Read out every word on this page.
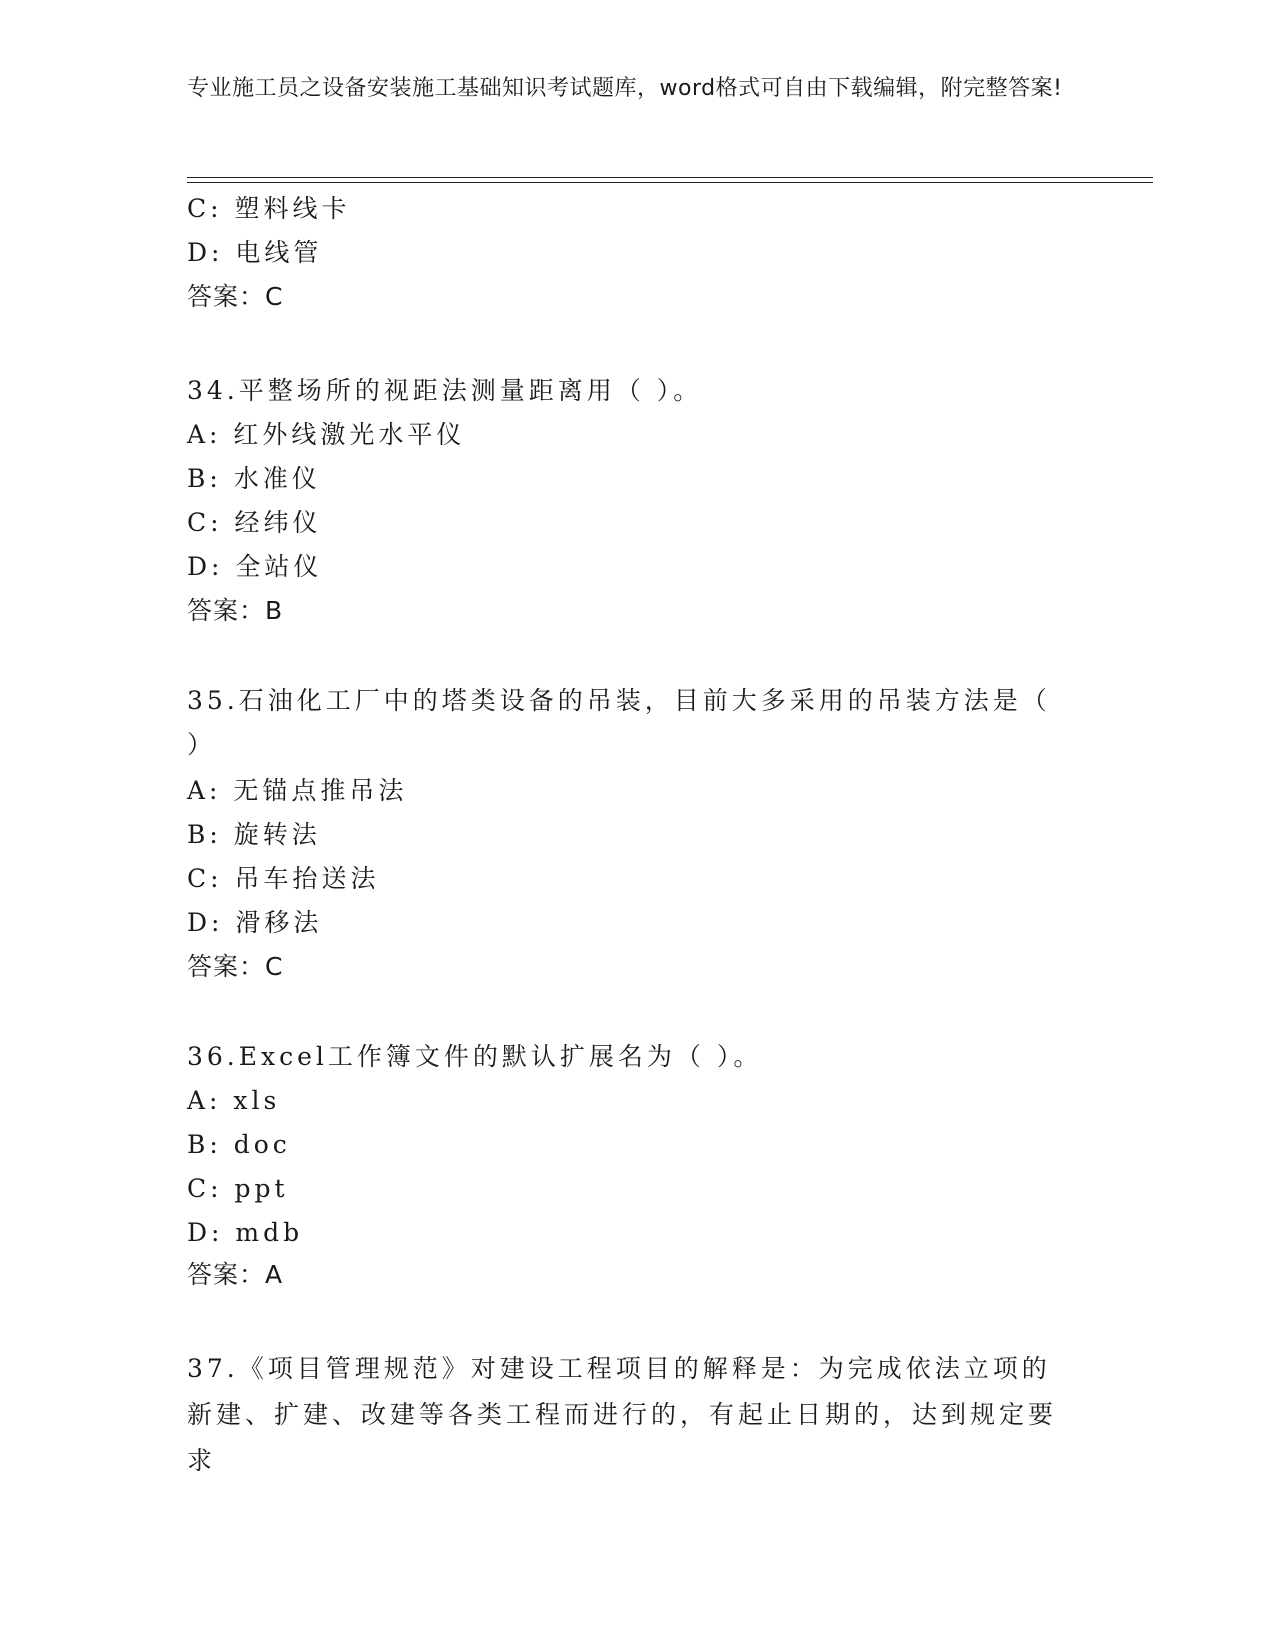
专业施工员之设备安装施工基础知识考试题库，word格式可自由下载编辑，附完整答案!
C: 塑料线卡
D: 电线管
答案：C
34.平整场所的视距法测量距离用（ ）。
A: 红外线激光水平仪
B: 水准仪
C: 经纬仪
D: 全站仪
答案：B
35.石油化工厂中的塔类设备的吊装，目前大多采用的吊装方法是（
）
A: 无锚点推吊法
B: 旋转法
C: 吊车抬送法
D: 滑移法
答案：C
36.Excel工作簿文件的默认扩展名为（ ）。
A: xls
B: doc
C: ppt
D: mdb
答案：A
37.《项目管理规范》对建设工程项目的解释是：为完成依法立项的新建、扩建、改建等各类工程而进行的，有起止日期的，达到规定要求
